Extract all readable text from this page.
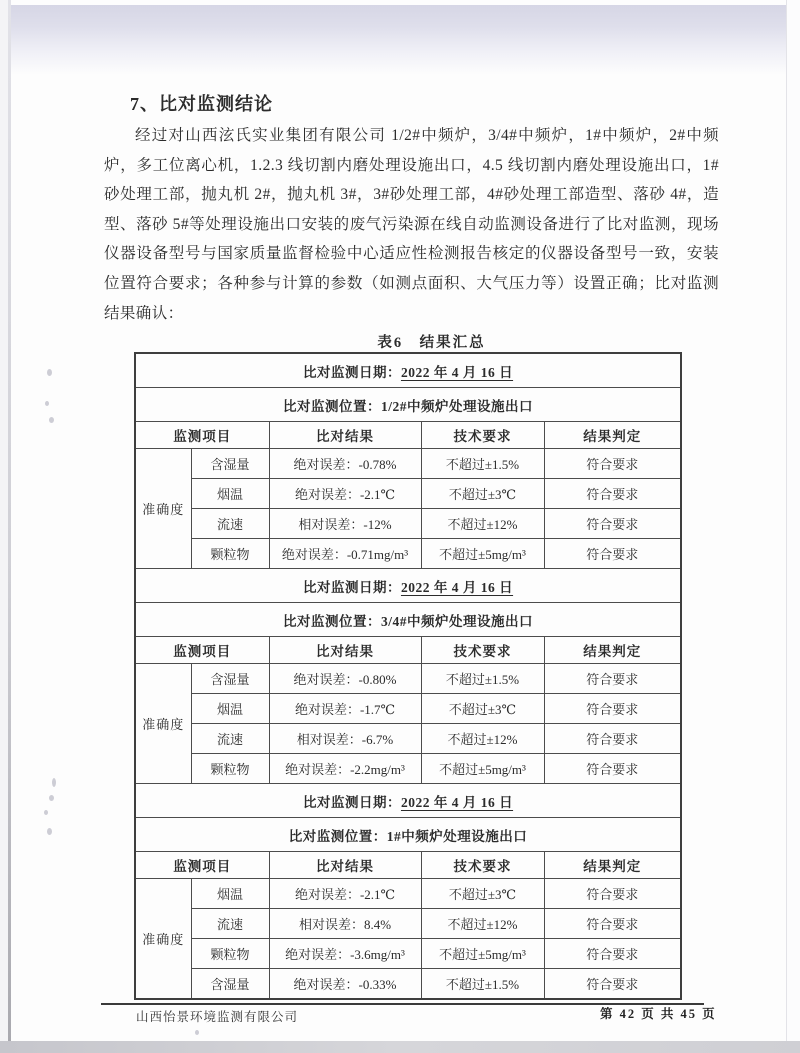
7、比对监测结论
经过对山西泫氏实业集团有限公司 1/2#中频炉，3/4#中频炉，1#中频炉，2#中频炉，多工位离心机，1.2.3 线切割内磨处理设施出口，4.5 线切割内磨处理设施出口，1#砂处理工部，抛丸机 2#，抛丸机 3#，3#砂处理工部，4#砂处理工部造型、落砂 4#，造型、落砂 5#等处理设施出口安装的废气污染源在线自动监测设备进行了比对监测，现场仪器设备型号与国家质量监督检验中心适应性检测报告核定的仪器设备型号一致，安装位置符合要求；各种参与计算的参数（如测点面积、大气压力等）设置正确；比对监测结果确认：
表6　结果汇总
比对监测日期：2022 年 4 月 16 日				
比对监测位置：1/2#中频炉处理设施出口				
监测项目		比对结果	技术要求	结果判定
准确度	含湿量	绝对误差：-0.78%	不超过±1.5%	符合要求
	烟温	绝对误差：-2.1℃	不超过±3℃	符合要求
	流速	相对误差：-12%	不超过±12%	符合要求
	颗粒物	绝对误差：-0.71mg/m³	不超过±5mg/m³	符合要求
比对监测日期：2022 年 4 月 16 日				
比对监测位置：3/4#中频炉处理设施出口				
监测项目		比对结果	技术要求	结果判定
准确度	含湿量	绝对误差：-0.80%	不超过±1.5%	符合要求
	烟温	绝对误差：-1.7℃	不超过±3℃	符合要求
	流速	相对误差：-6.7%	不超过±12%	符合要求
	颗粒物	绝对误差：-2.2mg/m³	不超过±5mg/m³	符合要求
比对监测日期：2022 年 4 月 16 日				
比对监测位置：1#中频炉处理设施出口				
监测项目		比对结果	技术要求	结果判定
准确度	烟温	绝对误差：-2.1℃	不超过±3℃	符合要求
	流速	相对误差：8.4%	不超过±12%	符合要求
	颗粒物	绝对误差：-3.6mg/m³	不超过±5mg/m³	符合要求
	含湿量	绝对误差：-0.33%	不超过±1.5%	符合要求
山西怡景环境监测有限公司	第 42 页 共 45 页
